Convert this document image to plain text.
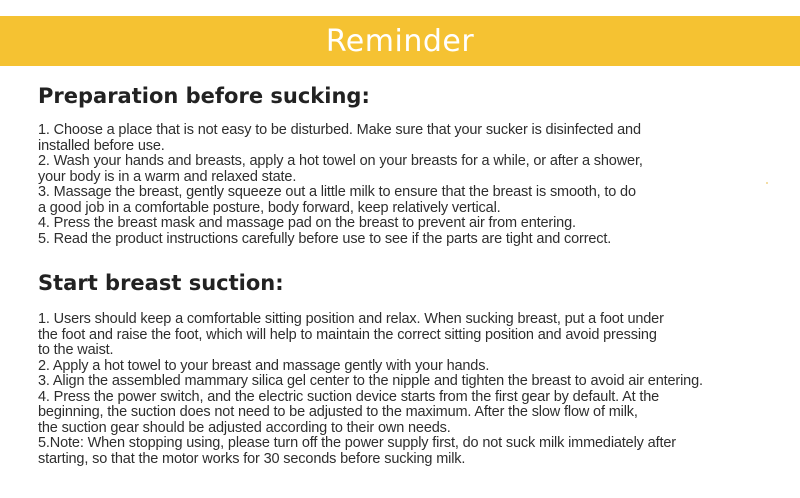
Reminder
Preparation before sucking:
1. Choose a place that is not easy to be disturbed. Make sure that your sucker is disinfected and
installed before use.
2. Wash your hands and breasts, apply a hot towel on your breasts for a while, or after a shower,
your body is in a warm and relaxed state.
3. Massage the breast, gently squeeze out a little milk to ensure that the breast is smooth, to do
a good job in a comfortable posture, body forward, keep relatively vertical.
4. Press the breast mask and massage pad on the breast to prevent air from entering.
5. Read the product instructions carefully before use to see if the parts are tight and correct.
Start breast suction:
1. Users should keep a comfortable sitting position and relax. When sucking breast, put a foot under
the foot and raise the foot, which will help to maintain the correct sitting position and avoid pressing
to the waist.
2. Apply a hot towel to your breast and massage gently with your hands.
3. Align the assembled mammary silica gel center to the nipple and tighten the breast to avoid air entering.
4. Press the power switch, and the electric suction device starts from the first gear by default. At the
beginning, the suction does not need to be adjusted to the maximum. After the slow flow of milk,
the suction gear should be adjusted according to their own needs.
5.Note: When stopping using, please turn off the power supply first, do not suck milk immediately after
starting, so that the motor works for 30 seconds before sucking milk.
